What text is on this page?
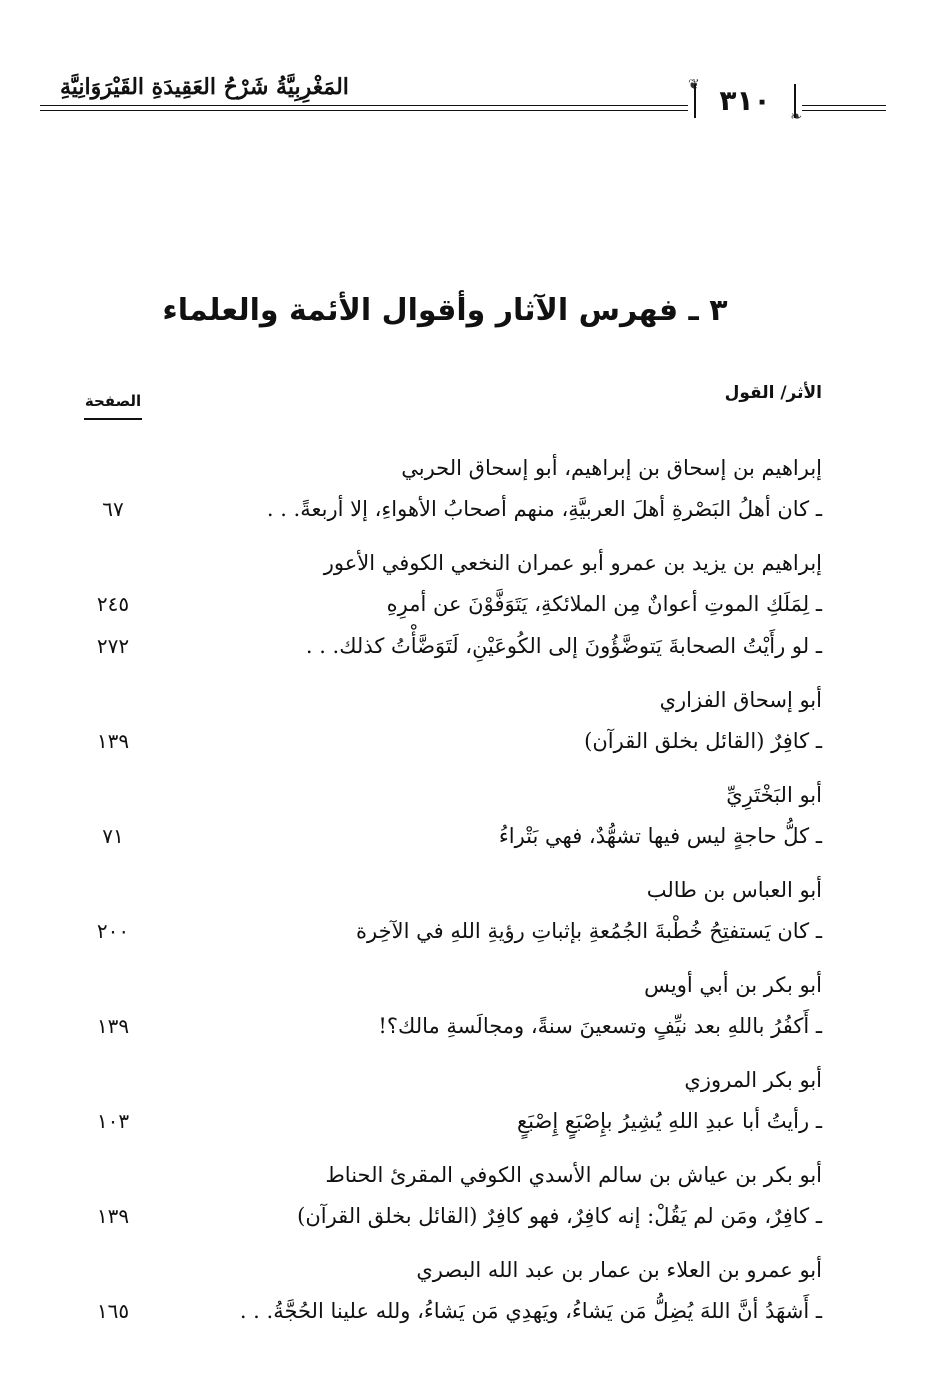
المَغْرِبِيَّةُ شَرْحُ العَقِيدَةِ القَيْرَوَانِيَّةِ	❦
❧
٣١٠
٣ ـ فهرس الآثار وأقوال الأئمة والعلماء
الأثر/ القول
الصفحة
إبراهيم بن إسحاق بن إبراهيم، أبو إسحاق الحربي
ـ كان أهلُ البَصْرةِ أهلَ العربيَّةِ، منهم أصحابُ الأهواءِ، إلا أربعةً. . .
٦٧
إبراهيم بن يزيد بن عمرو أبو عمران النخعي الكوفي الأعور
ـ لِمَلَكِ الموتِ أعوانٌ مِن الملائكةِ، يَتَوَفَّوْنَ عن أمرِهِ
٢٤٥
ـ لو رأَيْتُ الصحابةَ يَتوضَّؤُونَ إلى الكُوعَيْنِ، لَتَوَضَّأْتُ كذلك. . .
٢٧٢
أبو إسحاق الفزاري
ـ كافِرٌ (القائل بخلق القرآن)
١٣٩
أبو البَخْتَرِيِّ
ـ كلُّ حاجةٍ ليس فيها تشهُّدٌ، فهي بَتْراءُ
٧١
أبو العباس بن طالب
ـ كان يَستفتِحُ خُطْبةَ الجُمُعةِ بإثباتِ رؤيةِ اللهِ في الآخِرة
٢٠٠
أبو بكر بن أبي أويس
ـ أَكفُرُ باللهِ بعد نيِّفٍ وتسعينَ سنةً، ومجالَسةِ مالك؟!
١٣٩
أبو بكر المروزي
ـ رأيتُ أبا عبدِ اللهِ يُشِيرُ بإِصْبَعٍ إِصْبَعٍ
١٠٣
أبو بكر بن عياش بن سالم الأسدي الكوفي المقرئ الحناط
ـ كافِرٌ، ومَن لم يَقُلْ: إنه كافِرٌ، فهو كافِرٌ (القائل بخلق القرآن)
١٣٩
أبو عمرو بن العلاء بن عمار بن عبد الله البصري
ـ أَشهَدُ أنَّ اللهَ يُضِلُّ مَن يَشاءُ، ويَهدِي مَن يَشاءُ، ولله علينا الحُجَّةُ. . .
١٦٥
